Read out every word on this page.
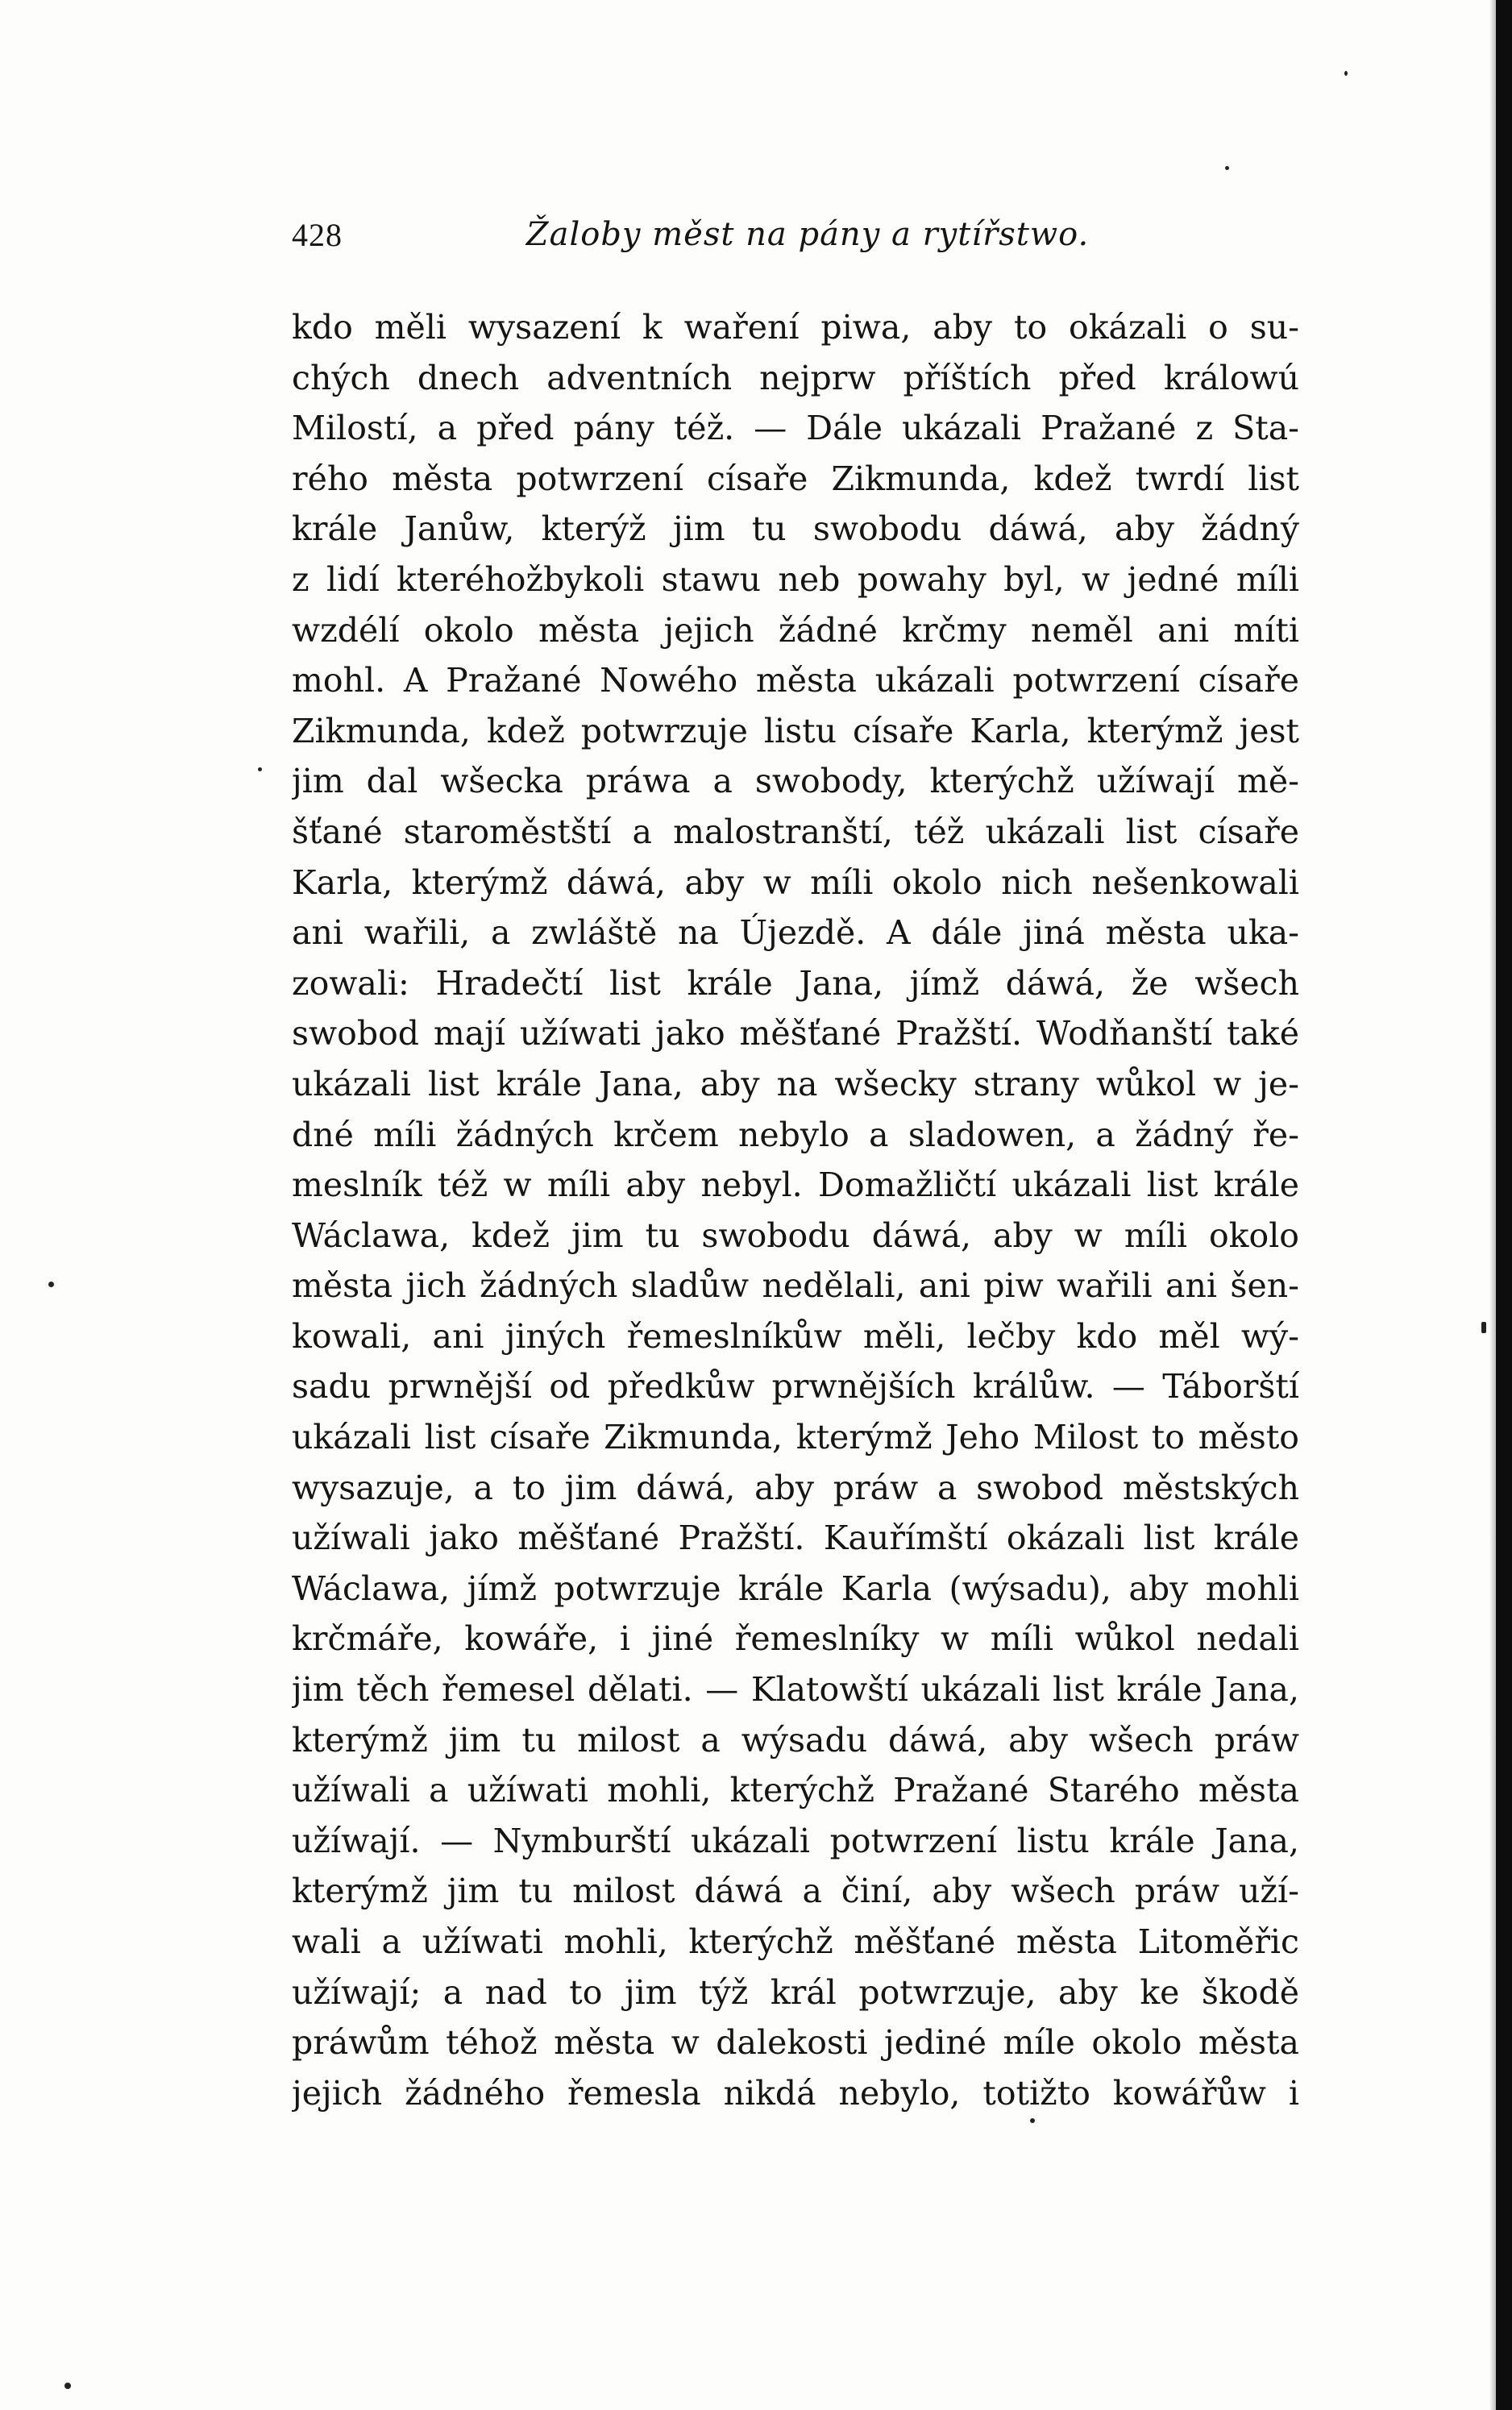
428	Žaloby měst na pány a rytířstwo.
kdo měli wysazení k waření piwa, aby to okázali o su-
chých dnech adventních nejprw příštích před králowú
Milostí, a před pány též. — Dále ukázali Pražané z Sta-
rého města potwrzení císaře Zikmunda, kdež twrdí list
krále Janůw, kterýž jim tu swobodu dáwá, aby žádný
z lidí kteréhožbykoli stawu neb powahy byl, w jedné míli
wzdélí okolo města jejich žádné krčmy neměl ani míti
mohl. A Pražané Nowého města ukázali potwrzení císaře
Zikmunda, kdež potwrzuje listu císaře Karla, kterýmž jest
jim dal wšecka práwa a swobody, kterýchž užíwají mě-
šťané staroměstští a malostranští, též ukázali list císaře
Karla, kterýmž dáwá, aby w míli okolo nich nešenkowali
ani wařili, a zwláště na Újezdě. A dále jiná města uka-
zowali: Hradečtí list krále Jana, jímž dáwá, že wšech
swobod mají užíwati jako měšťané Pražští. Wodňanští také
ukázali list krále Jana, aby na wšecky strany wůkol w je-
dné míli žádných krčem nebylo a sladowen, a žádný ře-
meslník též w míli aby nebyl. Domažličtí ukázali list krále
Wáclawa, kdež jim tu swobodu dáwá, aby w míli okolo
města jich žádných sladůw nedělali, ani piw wařili ani šen-
kowali, ani jiných řemeslníkůw měli, lečby kdo měl wý-
sadu prwnější od předkůw prwnějších králůw. — Táborští
ukázali list císaře Zikmunda, kterýmž Jeho Milost to město
wysazuje, a to jim dáwá, aby práw a swobod městských
užíwali jako měšťané Pražští. Kauřímští okázali list krále
Wáclawa, jímž potwrzuje krále Karla (wýsadu), aby mohli
krčmáře, kowáře, i jiné řemeslníky w míli wůkol nedali
jim těch řemesel dělati. — Klatowští ukázali list krále Jana,
kterýmž jim tu milost a wýsadu dáwá, aby wšech práw
užíwali a užíwati mohli, kterýchž Pražané Starého města
užíwají. — Nymburští ukázali potwrzení listu krále Jana,
kterýmž jim tu milost dáwá a činí, aby wšech práw uží-
wali a užíwati mohli, kterýchž měšťané města Litoměřic
užíwají; a nad to jim týž král potwrzuje, aby ke škodě
práwům téhož města w dalekosti jediné míle okolo města
jejich žádného řemesla nikdá nebylo, totižto kowářůw i
